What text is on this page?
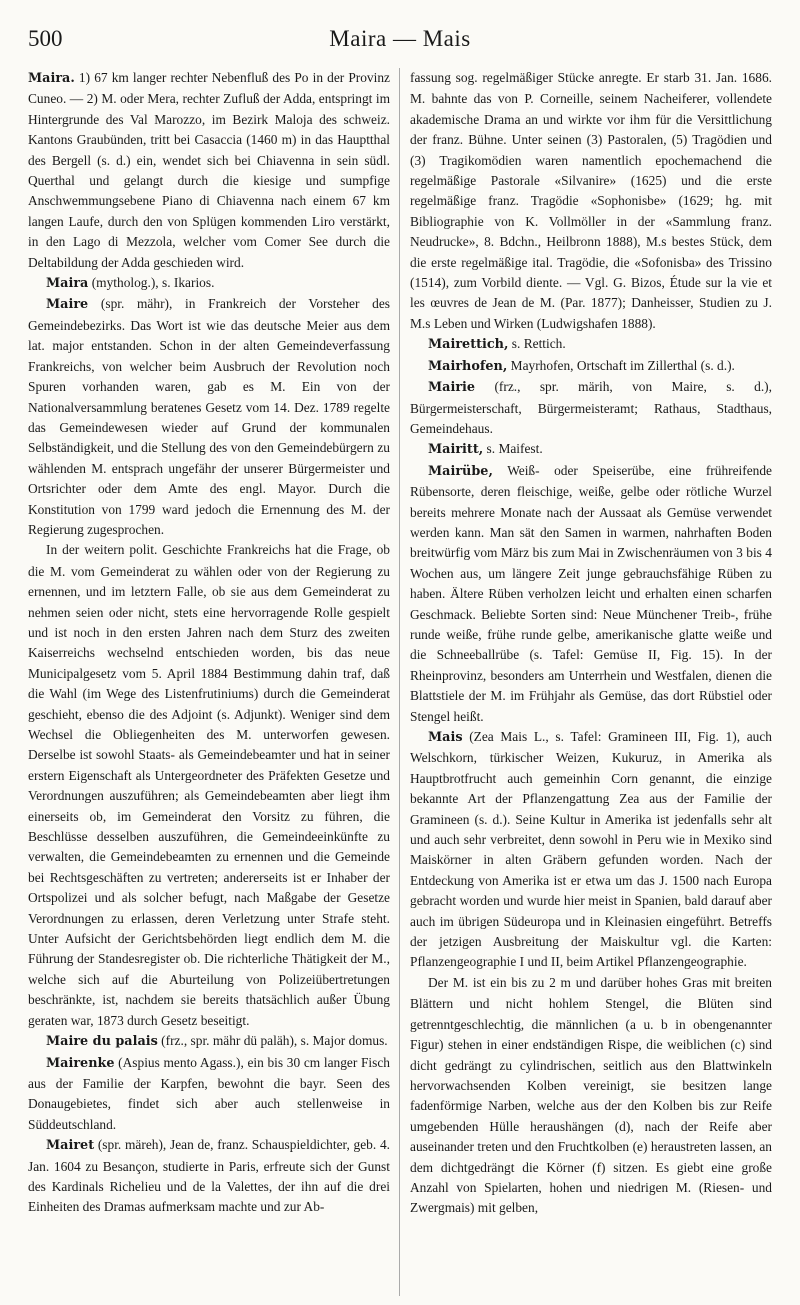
500	Maira — Mais

Maira. 1) 67 km langer rechter Nebenfluß des Po in der Provinz Cuneo. — 2) M. oder Mera, rechter Zufluß der Adda, entspringt im Hintergrunde des Val Marozzo, im Bezirk Maloja des schweiz. Kantons Graubünden, tritt bei Casaccia (1460 m) in das Hauptthal des Bergell (s. d.) ein, wendet sich bei Chiavenna in sein südl. Querthal und gelangt durch die kiesige und sumpfige Anschwemmungsebene Piano di Chiavenna nach einem 67 km langen Laufe, durch den von Splügen kommenden Liro verstärkt, in den Lago di Mezzola, welcher vom Comer See durch die Deltabildung der Adda geschieden wird.

Maira (mytholog.), s. Ikarios.

Maire (spr. mähr), in Frankreich der Vorsteher des Gemeindebezirks. Das Wort ist wie das deutsche Meier aus dem lat. major entstanden. Schon in der alten Gemeindeverfassung Frankreichs, von welcher beim Ausbruch der Revolution noch Spuren vorhanden waren, gab es M. Ein von der Nationalversammlung beratenes Gesetz vom 14. Dez. 1789 regelte das Gemeindewesen wieder auf Grund der kommunalen Selbständigkeit, und die Stellung des von den Gemeindebürgern zu wählenden M. entsprach ungefähr der unserer Bürgermeister und Ortsrichter oder dem Amte des engl. Mayor. Durch die Konstitution von 1799 ward jedoch die Ernennung des M. der Regierung zugesprochen.

In der weitern polit. Geschichte Frankreichs hat die Frage, ob die M. vom Gemeinderat zu wählen oder von der Regierung zu ernennen, und im letztern Falle, ob sie aus dem Gemeinderat zu nehmen seien oder nicht, stets eine hervorragende Rolle gespielt und ist noch in den ersten Jahren nach dem Sturz des zweiten Kaiserreichs wechselnd entschieden worden, bis das neue Municipalgesetz vom 5. April 1884 Bestimmung dahin traf, daß die Wahl (im Wege des Listenfrutiniums) durch die Gemeinderat geschieht, ebenso die des Adjoint (s. Adjunkt). Weniger sind dem Wechsel die Obliegenheiten des M. unterworfen gewesen. Derselbe ist sowohl Staats- als Gemeindebeamter und hat in seiner erstern Eigenschaft als Untergeordneter des Präfekten Gesetze und Verordnungen auszuführen; als Gemeindebeamten aber liegt ihm einerseits ob, im Gemeinderat den Vorsitz zu führen, die Beschlüsse desselben auszuführen, die Gemeindeeinkünfte zu verwalten, die Gemeindebeamten zu ernennen und die Gemeinde bei Rechtsgeschäften zu vertreten; andererseits ist er Inhaber der Ortspolizei und als solcher befugt, nach Maßgabe der Gesetze Verordnungen zu erlassen, deren Verletzung unter Strafe steht. Unter Aufsicht der Gerichtsbehörden liegt endlich dem M. die Führung der Standesregister ob. Die richterliche Thätigkeit der M., welche sich auf die Aburteilung von Polizeiübertretungen beschränkte, ist, nachdem sie bereits thatsächlich außer Übung geraten war, 1873 durch Gesetz beseitigt.

Maire du palais (frz., spr. mähr dü paläh), s. Major domus.

Mairenke (Aspius mento Agass.), ein bis 30 cm langer Fisch aus der Familie der Karpfen, bewohnt die bayr. Seen des Donaugebietes, findet sich aber auch stellenweise in Süddeutschland.

Mairet (spr. märeh), Jean de, franz. Schauspieldichter, geb. 4. Jan. 1604 zu Besançon, studierte in Paris, erfreute sich der Gunst des Kardinals Richelieu und de la Valettes, der ihn auf die drei Einheiten des Dramas aufmerksam machte und zur Ab-

fassung sog. regelmäßiger Stücke anregte. Er starb 31. Jan. 1686. M. bahnte das von P. Corneille, seinem Nacheiferer, vollendete akademische Drama an und wirkte vor ihm für die Versittlichung der franz. Bühne. Unter seinen (3) Pastoralen, (5) Tragödien und (3) Tragikomödien waren namentlich epochemachend die regelmäßige Pastorale «Silvanire» (1625) und die erste regelmäßige franz. Tragödie «Sophonisbe» (1629; hg. mit Bibliographie von K. Vollmöller in der «Sammlung franz. Neudrucke», 8. Bdchn., Heilbronn 1888), M.s bestes Stück, dem die erste regelmäßige ital. Tragödie, die «Sofonisba» des Trissino (1514), zum Vorbild diente. — Vgl. G. Bizos, Étude sur la vie et les œuvres de Jean de M. (Par. 1877); Danheisser, Studien zu J. M.s Leben und Wirken (Ludwigshafen 1888).

Mairettich, s. Rettich.

Mairhofen, Mayrhofen, Ortschaft im Zillerthal (s. d.).

Mairie (frz., spr. märih, von Maire, s. d.), Bürgermeisterschaft, Bürgermeisteramt; Rathaus, Stadthaus, Gemeindehaus.

Mairitt, s. Maifest.

Mairübe, Weiß- oder Speiserübe, eine frühreifende Rübensorte, deren fleischige, weiße, gelbe oder rötliche Wurzel bereits mehrere Monate nach der Aussaat als Gemüse verwendet werden kann. Man sät den Samen in warmen, nahrhaften Boden breitwürfig vom März bis zum Mai in Zwischenräumen von 3 bis 4 Wochen aus, um längere Zeit junge gebrauchsfähige Rüben zu haben. Ältere Rüben verholzen leicht und erhalten einen scharfen Geschmack. Beliebte Sorten sind: Neue Münchener Treib-, frühe runde weiße, frühe runde gelbe, amerikanische glatte weiße und die Schneeballrübe (s. Tafel: Gemüse II, Fig. 15). In der Rheinprovinz, besonders am Unterrhein und Westfalen, dienen die Blattstiele der M. im Frühjahr als Gemüse, das dort Rübstiel oder Stengel heißt.

Mais (Zea Mais L., s. Tafel: Gramineen III, Fig. 1), auch Welschkorn, türkischer Weizen, Kukuruz, in Amerika als Hauptbrotfrucht auch gemeinhin Corn genannt, die einzige bekannte Art der Pflanzengattung Zea aus der Familie der Gramineen (s. d.). Seine Kultur in Amerika ist jedenfalls sehr alt und auch sehr verbreitet, denn sowohl in Peru wie in Mexiko sind Maiskörner in alten Gräbern gefunden worden. Nach der Entdeckung von Amerika ist er etwa um das J. 1500 nach Europa gebracht worden und wurde hier meist in Spanien, bald darauf aber auch im übrigen Südeuropa und in Kleinasien eingeführt. Betreffs der jetzigen Ausbreitung der Maiskultur vgl. die Karten: Pflanzengeographie I und II, beim Artikel Pflanzengeographie.

Der M. ist ein bis zu 2 m und darüber hohes Gras mit breiten Blättern und nicht hohlem Stengel, die Blüten sind getrenntgeschlechtig, die männlichen (a u. b in obengenannter Figur) stehen in einer endständigen Rispe, die weiblichen (c) sind dicht gedrängt zu cylindrischen, seitlich aus den Blattwinkeln hervorwachsenden Kolben vereinigt, sie besitzen lange fadenförmige Narben, welche aus der den Kolben bis zur Reife umgebenden Hülle heraushängen (d), nach der Reife aber auseinander treten und den Fruchtkolben (e) heraustreten lassen, an dem dichtgedrängt die Körner (f) sitzen. Es giebt eine große Anzahl von Spielarten, hohen und niedrigen M. (Riesen- und Zwergmais) mit gelben,
